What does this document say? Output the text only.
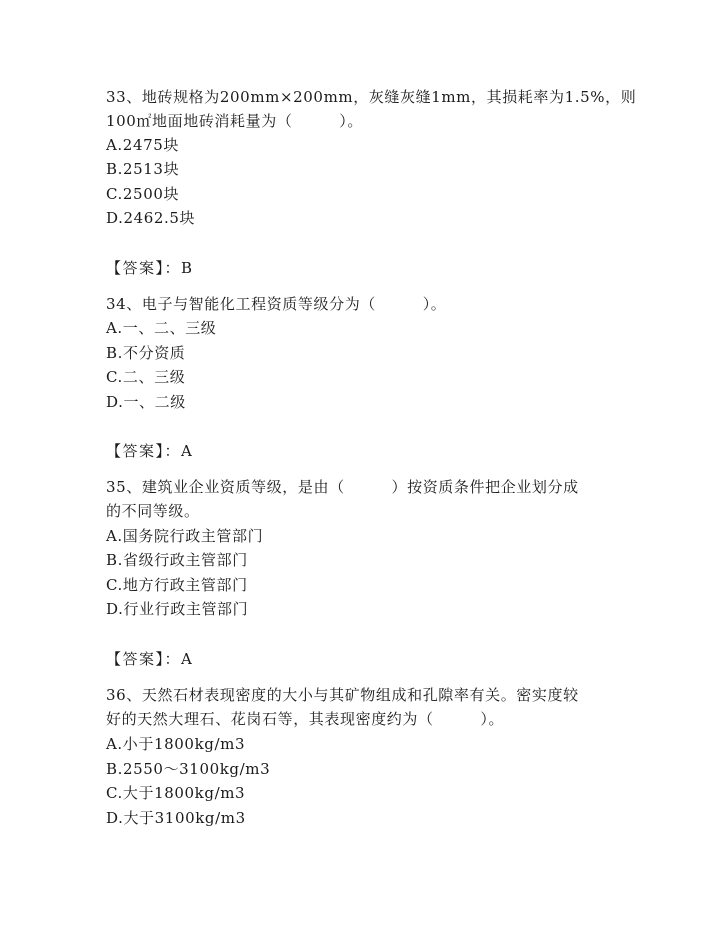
33、地砖规格为200mm×200mm，灰缝灰缝1mm，其损耗率为1.5%，则
100㎡地面地砖消耗量为（　　　）。
A.2475块
B.2513块
C.2500块
D.2462.5块
【答案】：B
34、电子与智能化工程资质等级分为（　　　）。
A.一、二、三级
B.不分资质
C.二、三级
D.一、二级
【答案】：A
35、建筑业企业资质等级，是由（　　　）按资质条件把企业划分成
的不同等级。
A.国务院行政主管部门
B.省级行政主管部门
C.地方行政主管部门
D.行业行政主管部门
【答案】：A
36、天然石材表现密度的大小与其矿物组成和孔隙率有关。密实度较
好的天然大理石、花岗石等，其表现密度约为（　　　）。
A.小于1800kg/m3
B.2550～3100kg/m3
C.大于1800kg/m3
D.大于3100kg/m3
